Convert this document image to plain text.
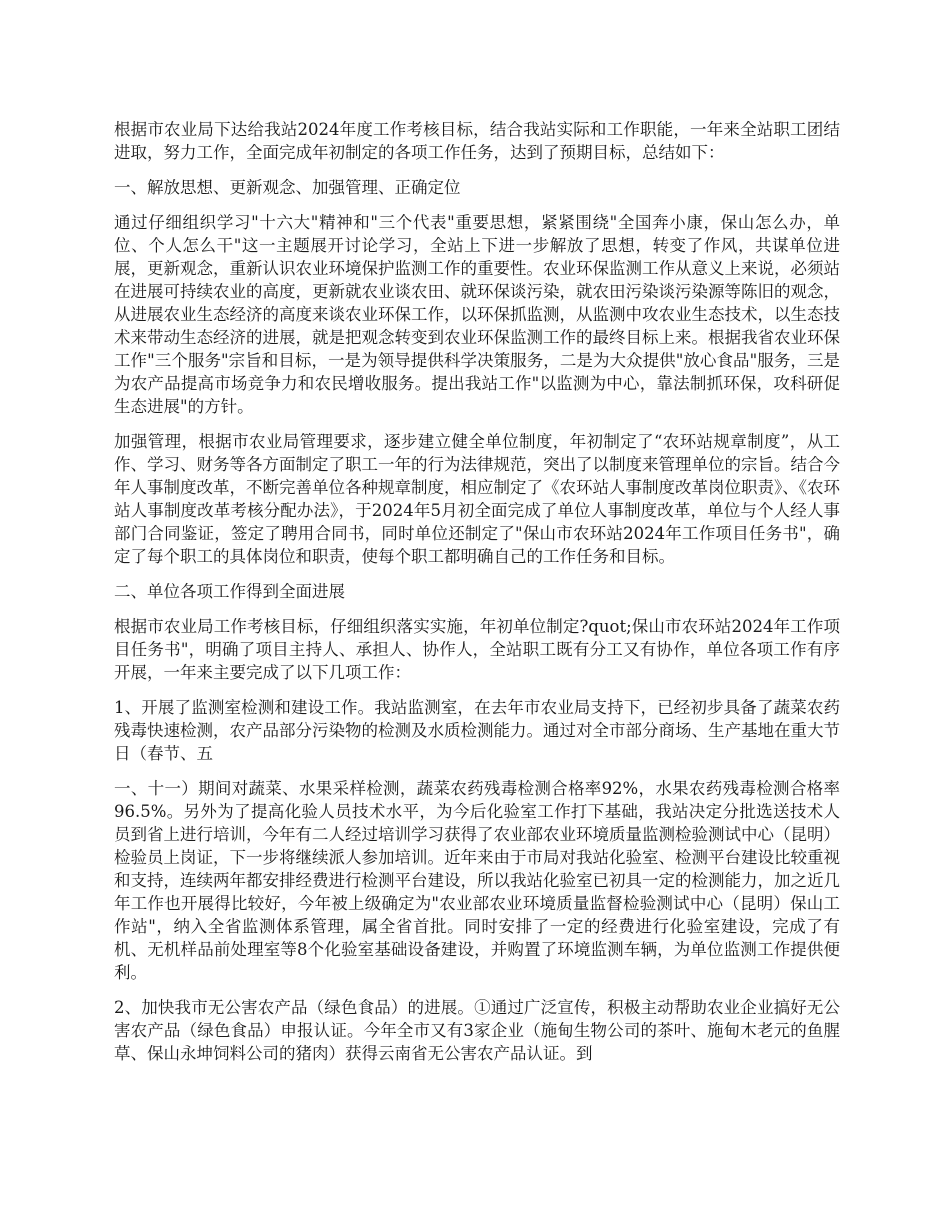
根据市农业局下达给我站2024年度工作考核目标，结合我站实际和工作职能，一年来全站职工团结进取，努力工作，全面完成年初制定的各项工作任务，达到了预期目标，总结如下：

一、解放思想、更新观念、加强管理、正确定位

通过仔细组织学习"十六大"精神和"三个代表"重要思想，紧紧围绕"全国奔小康，保山怎么办，单位、个人怎么干"这一主题展开讨论学习，全站上下进一步解放了思想，转变了作风，共谋单位进展，更新观念，重新认识农业环境保护监测工作的重要性。农业环保监测工作从意义上来说，必须站在进展可持续农业的高度，更新就农业谈农田、就环保谈污染，就农田污染谈污染源等陈旧的观念，从进展农业生态经济的高度来谈农业环保工作，以环保抓监测，从监测中攻农业生态技术，以生态技术来带动生态经济的进展，就是把观念转变到农业环保监测工作的最终目标上来。根据我省农业环保工作"三个服务"宗旨和目标，一是为领导提供科学决策服务，二是为大众提供"放心食品"服务，三是为农产品提高市场竞争力和农民增收服务。提出我站工作"以监测为中心，靠法制抓环保，攻科研促生态进展"的方针。

加强管理，根据市农业局管理要求，逐步建立健全单位制度，年初制定了“农环站规章制度”，从工作、学习、财务等各方面制定了职工一年的行为法律规范，突出了以制度来管理单位的宗旨。结合今年人事制度改革，不断完善单位各种规章制度，相应制定了《农环站人事制度改革岗位职责》、《农环站人事制度改革考核分配办法》，于2024年5月初全面完成了单位人事制度改革，单位与个人经人事部门合同鉴证，签定了聘用合同书，同时单位还制定了"保山市农环站2024年工作项目任务书"，确定了每个职工的具体岗位和职责，使每个职工都明确自己的工作任务和目标。

二、单位各项工作得到全面进展

根据市农业局工作考核目标，仔细组织落实实施，年初单位制定?quot;保山市农环站2024年工作项目任务书"，明确了项目主持人、承担人、协作人，全站职工既有分工又有协作，单位各项工作有序开展，一年来主要完成了以下几项工作：

1、开展了监测室检测和建设工作。我站监测室，在去年市农业局支持下，已经初步具备了蔬菜农药残毒快速检测，农产品部分污染物的检测及水质检测能力。通过对全市部分商场、生产基地在重大节日（春节、五

一、十一）期间对蔬菜、水果采样检测，蔬菜农药残毒检测合格率92%，水果农药残毒检测合格率96.5%。另外为了提高化验人员技术水平，为今后化验室工作打下基础，我站决定分批选送技术人员到省上进行培训，今年有二人经过培训学习获得了农业部农业环境质量监测检验测试中心（昆明）检验员上岗证，下一步将继续派人参加培训。近年来由于市局对我站化验室、检测平台建设比较重视和支持，连续两年都安排经费进行检测平台建设，所以我站化验室已初具一定的检测能力，加之近几年工作也开展得比较好，今年被上级确定为"农业部农业环境质量监督检验测试中心（昆明）保山工作站"，纳入全省监测体系管理，属全省首批。同时安排了一定的经费进行化验室建设，完成了有机、无机样品前处理室等8个化验室基础设备建设，并购置了环境监测车辆，为单位监测工作提供便利。

2、加快我市无公害农产品（绿色食品）的进展。①通过广泛宣传，积极主动帮助农业企业搞好无公害农产品（绿色食品）申报认证。今年全市又有3家企业（施甸生物公司的茶叶、施甸木老元的鱼腥草、保山永坤饲料公司的猪肉）获得云南省无公害农产品认证。到
